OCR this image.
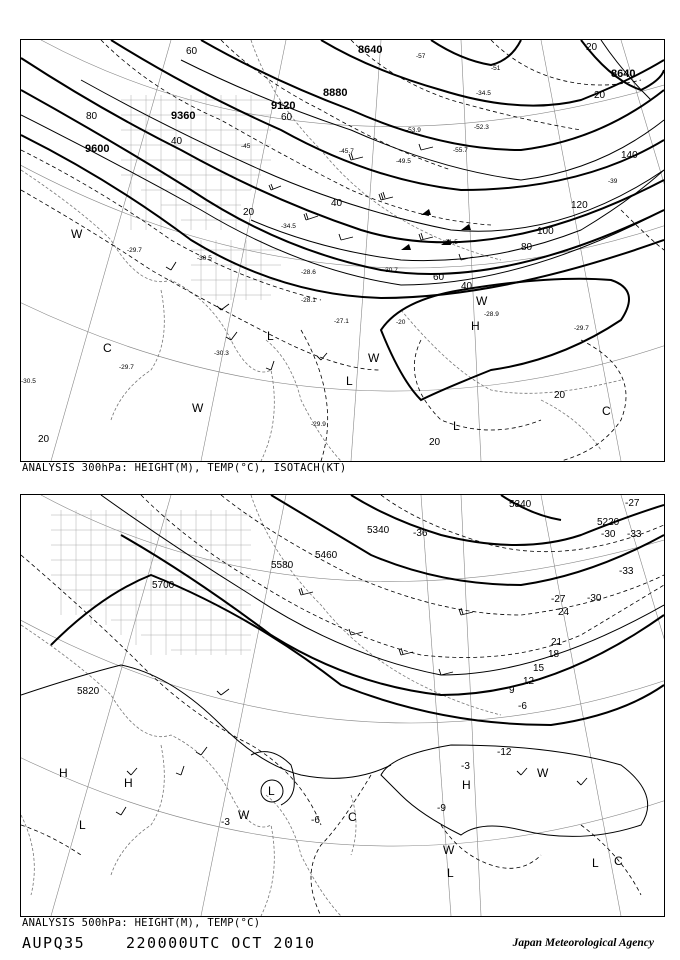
8640
8880
9120
9360
9600
8640
60
80
40
20
60
80
100
120
140
40
20
60
40
20
20
20
20
-29.7
-30.3
-28.1
-28.6
-27.1
-30.5
-31.5
-30.7
-34.5
-45.7
-49.5
-55.7
-52.3
-53.9
-29.9
-30.5
-29.7
-45
-39
-20
-28.9
-29.7
-57
-51
-34.5
W
C
W
L
W
H
L
C
L
W
ANALYSIS 300hPa: HEIGHT(M), TEMP(°C), ISOTACH(KT)
5340
5340
5460
5580
5700
5820
5220
-27
-30 -33
-33
-36
-30
-27
24
21
18
15
12
9
-6
-3
-3	-6
-9
-12
H
H
L
L
W	C
H
W
L
C
L
W
ANALYSIS 500hPa: HEIGHT(M), TEMP(°C)
AUPQ35	220000UTC OCT 2010	Japan Meteorological Agency
